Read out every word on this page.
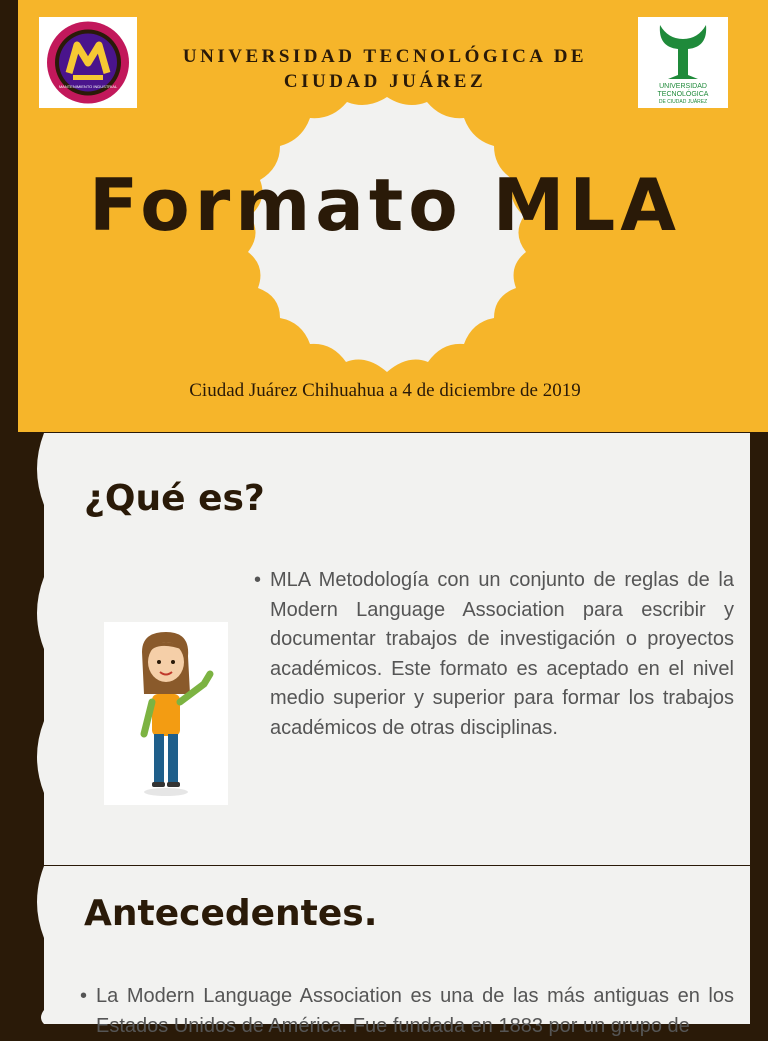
MANTENIMIENTO INDUSTRIAL
UNIVERSIDAD TECNOLÓGICA DE CIUDAD JUÁREZ	UNIVERSIDAD
TECNOLÓGICA
DE CIUDAD JUÁREZ
Formato MLA
Ciudad Juárez Chihuahua a 4 de diciembre de 2019
¿Qué es?
• MLA Metodología con un conjunto de reglas de la Modern Language Association para escribir y documentar trabajos de investigación o proyectos académicos. Este formato es aceptado en el nivel medio superior y superior para formar los trabajos académicos de otras disciplinas.
Antecedentes.
• La Modern Language Association es una de las más antiguas en los Estados Unidos de América. Fue fundada en 1883 por un grupo de
